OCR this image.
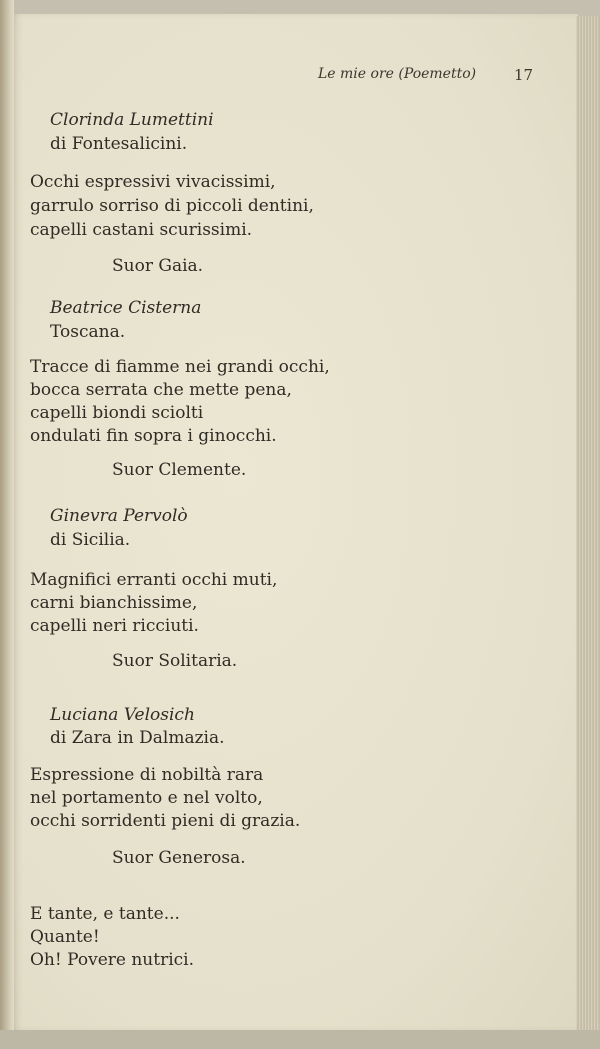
Le mie ore (Poemetto)	17
Clorinda Lumettini
di Fontesalicini.
Occhi espressivi vivacissimi,
garrulo sorriso di piccoli dentini,
capelli castani scurissimi.
Suor Gaia.
Beatrice Cisterna
Toscana.
Tracce di fiamme nei grandi occhi,
bocca serrata che mette pena,
capelli biondi sciolti
ondulati fin sopra i ginocchi.
Suor Clemente.
Ginevra Pervolò
di Sicilia.
Magnifici erranti occhi muti,
carni bianchissime,
capelli neri ricciuti.
Suor Solitaria.
Luciana Velosich
di Zara in Dalmazia.
Espressione di nobiltà rara
nel portamento e nel volto,
occhi sorridenti pieni di grazia.
Suor Generosa.
E tante, e tante...
Quante!
Oh! Povere nutrici.
